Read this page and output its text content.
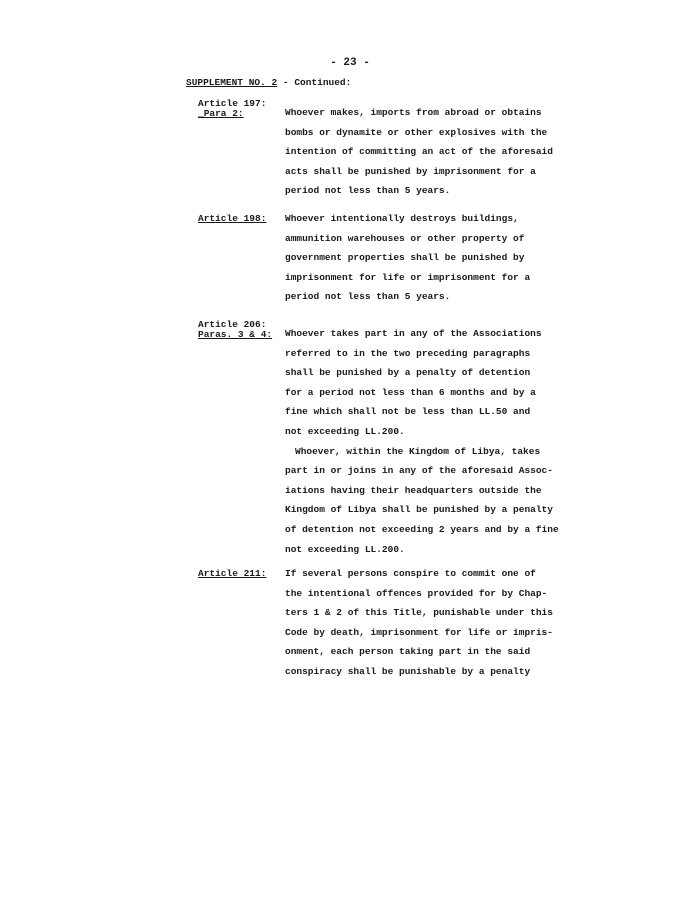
- 23 -
SUPPLEMENT NO. 2 - Continued:
Article 197:
_Para 2:	Whoever makes, imports from abroad or obtains
bombs or dynamite or other explosives with the
intention of committing an act of the aforesaid
acts shall be punished by imprisonment for a
period not less than 5 years.
Article 198: Whoever intentionally destroys buildings,
ammunition warehouses or other property of
government properties shall be punished by
imprisonment for life or imprisonment for a
period not less than 5 years.
Article 206:
Paras. 3 & 4: Whoever takes part in any of the Associations
referred to in the two preceding paragraphs
shall be punished by a penalty of detention
for a period not less than 6 months and by a
fine which shall not be less than LL.50 and
not exceeding LL.200.
Whoever, within the Kingdom of Libya, takes
part in or joins in any of the aforesaid Assoc-
iations having their headquarters outside the
Kingdom of Libya shall be punished by a penalty
of detention not exceeding 2 years and by a fine
not exceeding LL.200.
Article 211: If several persons conspire to commit one of
the intentional offences provided for by Chap-
ters 1 & 2 of this Title, punishable under this
Code by death, imprisonment for life or impris-
onment, each person taking part in the said
conspiracy shall be punishable by a penalty
